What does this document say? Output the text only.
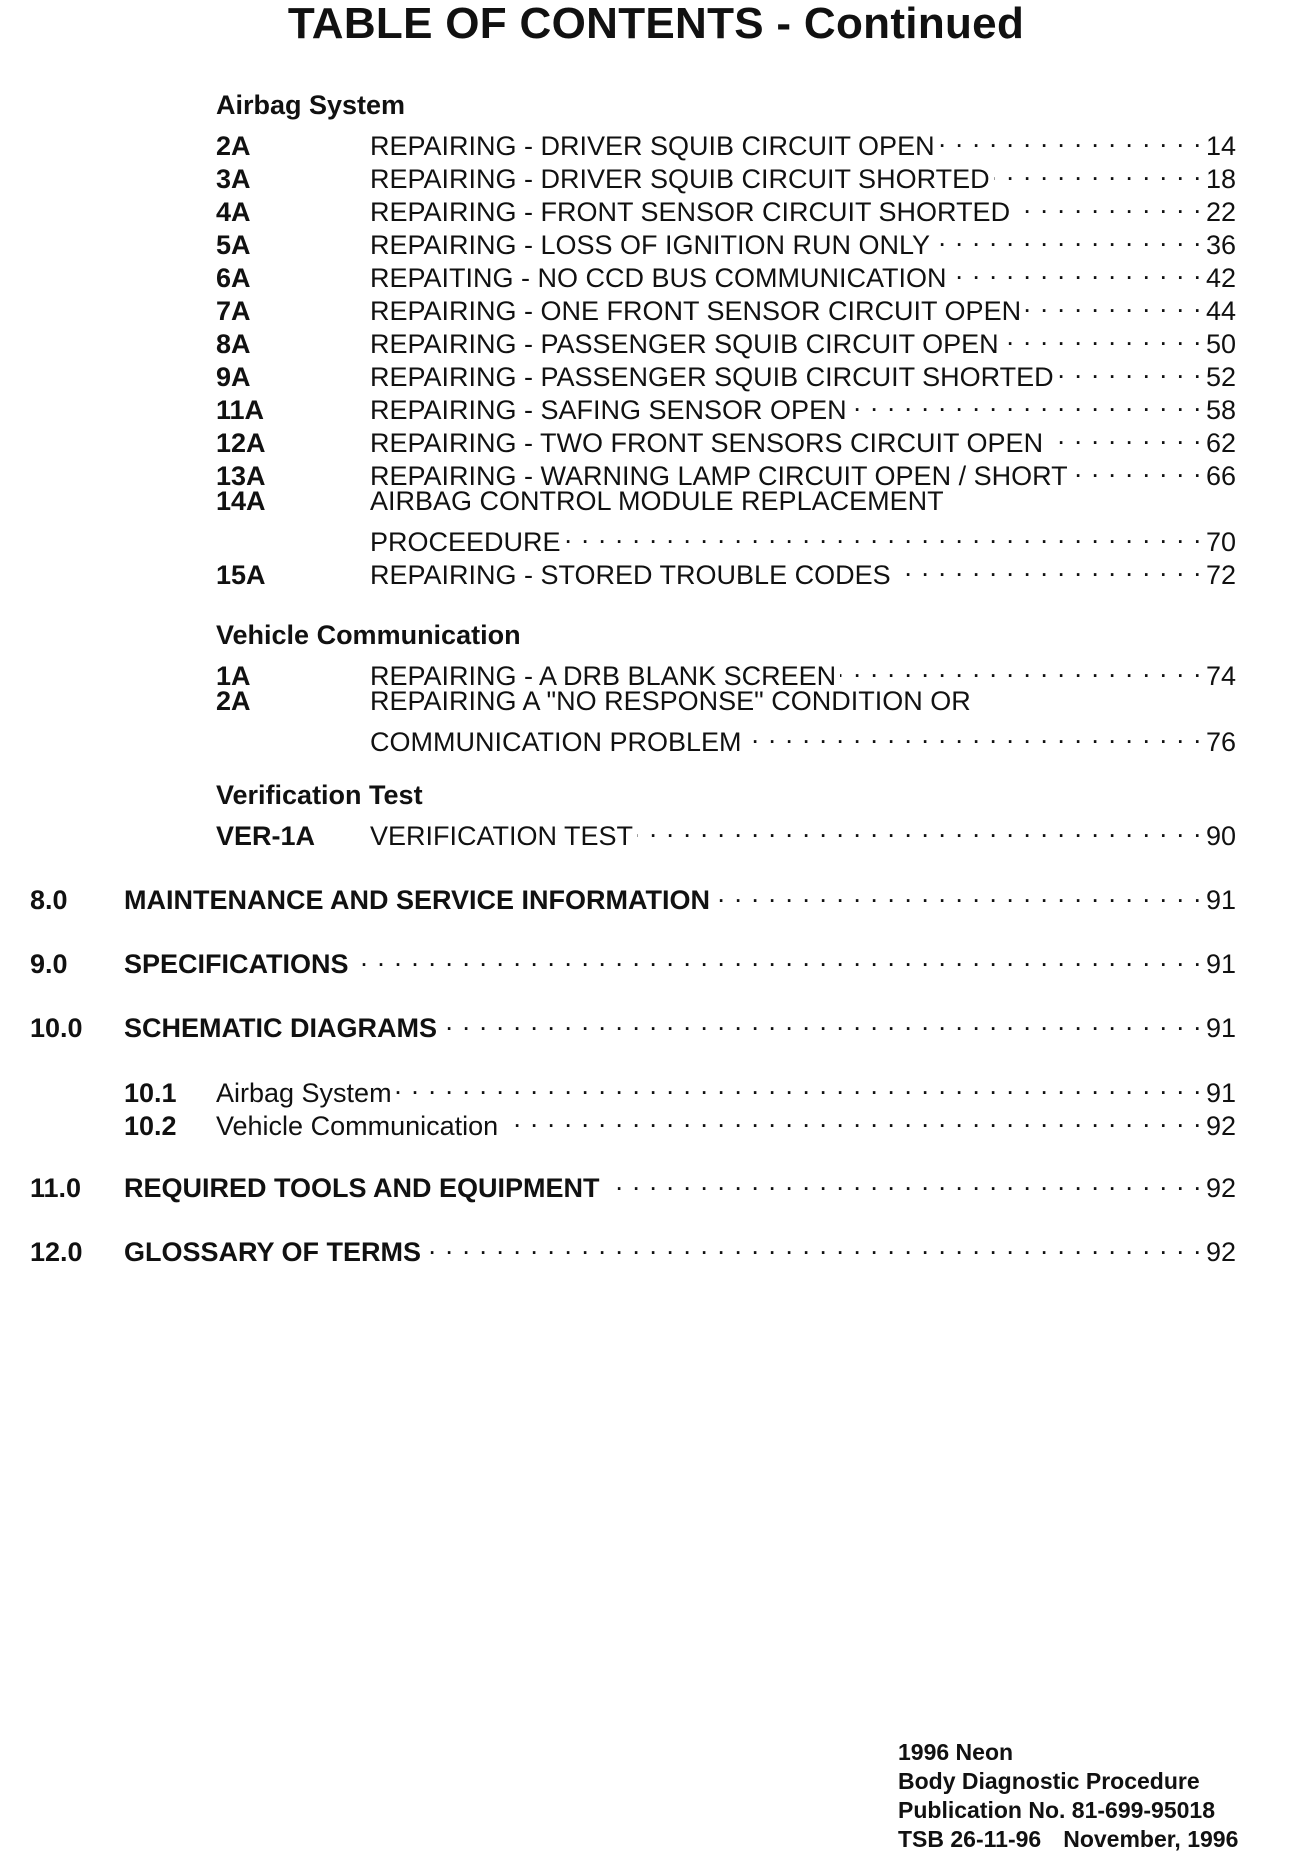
TABLE OF CONTENTS - Continued
Airbag System
2A	REPAIRING - DRIVER SQUIB CIRCUIT OPEN . . .	14
3A	REPAIRING - DRIVER SQUIB CIRCUIT SHORTED . . .	18
4A	REPAIRING - FRONT SENSOR CIRCUIT SHORTED . . .	22
5A	REPAIRING - LOSS OF IGNITION RUN ONLY . . .	36
6A	REPAITING - NO CCD BUS COMMUNICATION . . .	42
7A	REPAIRING - ONE FRONT SENSOR CIRCUIT OPEN . . .	44
8A	REPAIRING - PASSENGER SQUIB CIRCUIT OPEN . . .	50
9A	REPAIRING - PASSENGER SQUIB CIRCUIT SHORTED . . .	52
11A	REPAIRING - SAFING SENSOR OPEN . . .	58
12A	REPAIRING - TWO FRONT SENSORS CIRCUIT OPEN . . .	62
13A	REPAIRING - WARNING LAMP CIRCUIT OPEN / SHORT . . .	66
14A	AIRBAG CONTROL MODULE REPLACEMENT
PROCEEDURE . . .	70
15A	REPAIRING - STORED TROUBLE CODES . . .	72
Vehicle Communication
1A	REPAIRING - A DRB BLANK SCREEN . . .	74
2A	REPAIRING A "NO RESPONSE" CONDITION OR
COMMUNICATION PROBLEM . . .	76
Verification Test
VER-1A	VERIFICATION TEST . . .	90
8.0	MAINTENANCE AND SERVICE INFORMATION . . .	91
9.0	SPECIFICATIONS . . .	91
10.0	SCHEMATIC DIAGRAMS . . .	91
10.1	Airbag System . . .	91
10.2	Vehicle Communication . . .	92
11.0	REQUIRED TOOLS AND EQUIPMENT . . .	92
12.0	GLOSSARY OF TERMS . . .	92
1996 Neon
Body Diagnostic Procedure
Publication No. 81-699-95018
TSB 26-11-96 November, 1996
